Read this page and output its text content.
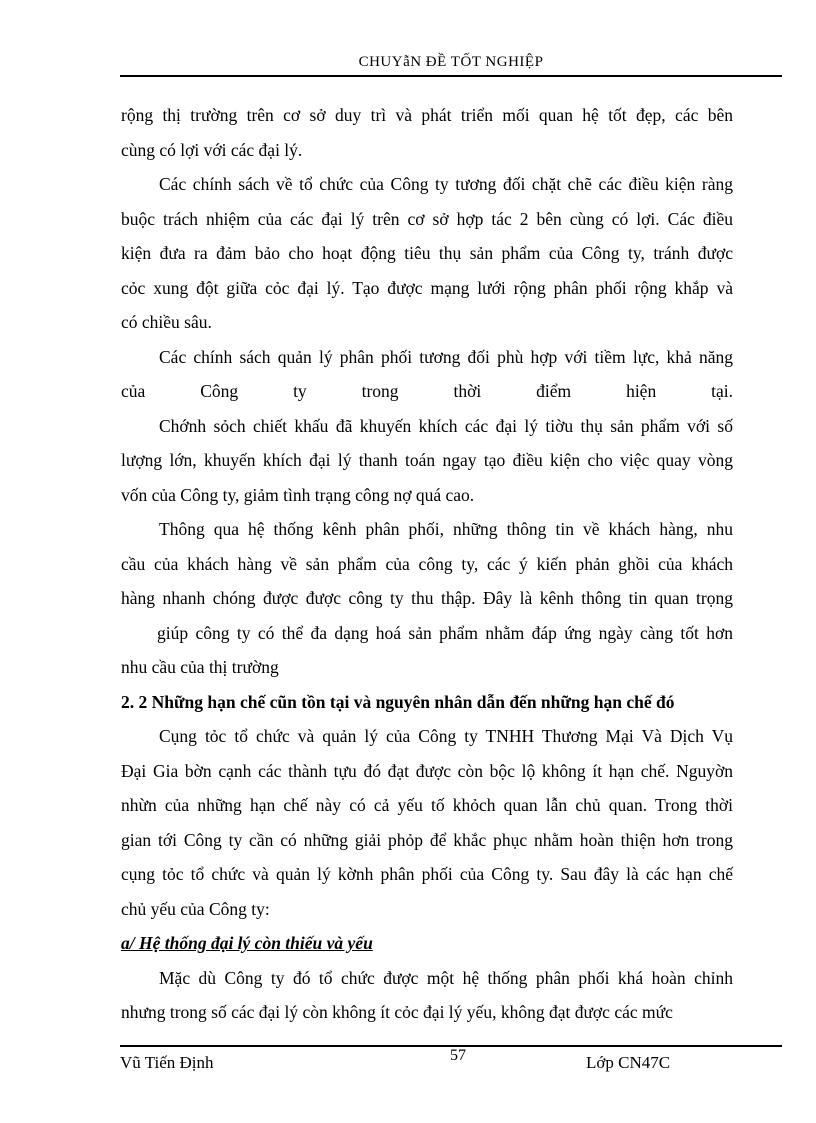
CHUYẫN ĐỀ TỐT NGHIỆP
rộng thị trường trên cơ sở duy trì và phát triển mối quan hệ tốt đẹp, các bên
cùng có lợi với các đại lý.
Các chính sách về tổ chức của Công ty tương đối chặt chẽ các điều kiện ràng
buộc trách nhiệm của các đại lý trên cơ sở hợp tác 2 bên cùng có lợi. Các điều
kiện đưa ra đảm bảo cho hoạt động tiêu thụ sản phẩm của Công ty, tránh được
cỏc xung đột giữa cỏc đại lý. Tạo được mạng lưới rộng phân phối rộng khắp và
có chiều sâu.
Các chính sách quản lý phân phối tương đối phù hợp với tiềm lực, khả năng
của Công ty trong thời điểm hiện tại.
Chớnh sỏch chiết khấu đã khuyến khích các đại lý tiờu thụ sản phẩm với số
lượng lớn, khuyến khích đại lý thanh toán ngay tạo điều kiện cho việc quay vòng
vốn của Công ty, giảm tình trạng công nợ quá cao.
Thông qua hệ thống kênh phân phối, những thông tin về khách hàng, nhu
cầu của khách hàng về sản phẩm của công ty, các ý kiến phản ghồi của khách
hàng nhanh chóng được được công ty thu thập. Đây là kênh thông tin quan trọng
giúp công ty có thể đa dạng hoá sản phẩm nhằm đáp ứng ngày càng tốt hơn
nhu cầu của thị trường
2. 2 Những hạn chế cũn tồn tại và nguyên nhân dẫn đến những hạn chế đó
Cụng tỏc tổ chức và quản lý của Công ty TNHH Thương Mại Và Dịch Vụ
Đại Gia bờn cạnh các thành tựu đó đạt được còn bộc lộ không ít hạn chế. Nguyờn
nhừn của những hạn chế này có cả yếu tố khỏch quan lẫn chủ quan. Trong thời
gian tới Công ty cần có những giải phỏp để khắc phục nhằm hoàn thiện hơn trong
cụng tỏc tổ chức và quản lý kờnh phân phối của Công ty. Sau đây là các hạn chế
chủ yếu của Công ty:
a/ Hệ thống đại lý còn thiếu và yếu
Mặc dù Công ty đó tổ chức được một hệ thống phân phối khá hoàn chỉnh
nhưng trong số các đại lý còn không ít cỏc đại lý yếu, không đạt được các mức
Vũ Tiến Định	57	Lớp CN47C
